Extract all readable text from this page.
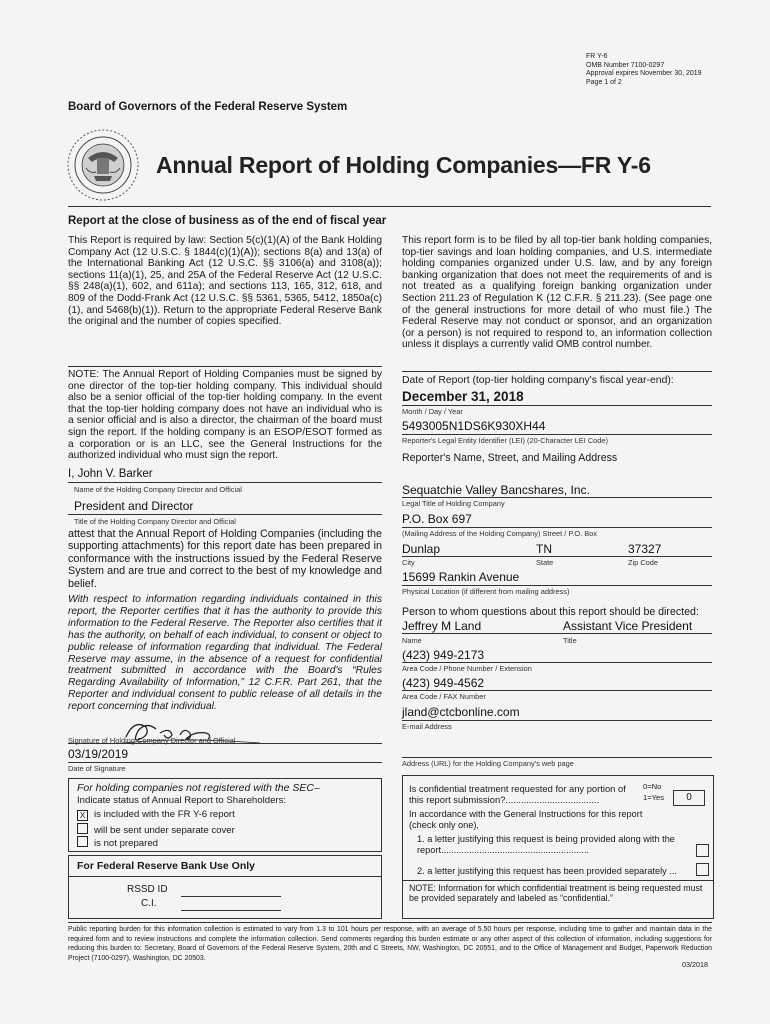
FR Y-6
OMB Number 7100-0297
Approval expires November 30, 2019
Page 1 of 2
Board of Governors of the Federal Reserve System
Annual Report of Holding Companies—FR Y-6
Report at the close of business as of the end of fiscal year
This Report is required by law: Section 5(c)(1)(A) of the Bank Holding Company Act (12 U.S.C. § 1844(c)(1)(A)); sections 8(a) and 13(a) of the International Banking Act (12 U.S.C. §§ 3106(a) and 3108(a)); sections 11(a)(1), 25, and 25A of the Federal Reserve Act (12 U.S.C. §§ 248(a)(1), 602, and 611a); and sections 113, 165, 312, 618, and 809 of the Dodd-Frank Act (12 U.S.C. §§ 5361, 5365, 5412, 1850a(c)(1), and 5468(b)(1)). Return to the appropriate Federal Reserve Bank the original and the number of copies specified.
This report form is to be filed by all top-tier bank holding companies, top-tier savings and loan holding companies, and U.S. intermediate holding companies organized under U.S. law, and by any foreign banking organization that does not meet the requirements of and is not treated as a qualifying foreign banking organization under Section 211.23 of Regulation K (12 C.F.R. § 211.23). (See page one of the general instructions for more detail of who must file.) The Federal Reserve may not conduct or sponsor, and an organization (or a person) is not required to respond to, an information collection unless it displays a currently valid OMB control number.
NOTE: The Annual Report of Holding Companies must be signed by one director of the top-tier holding company. This individual should also be a senior official of the top-tier holding company. In the event that the top-tier holding company does not have an individual who is a senior official and is also a director, the chairman of the board must sign the report. If the holding company is an ESOP/ESOT formed as a corporation or is an LLC, see the General Instructions for the authorized individual who must sign the report.
I, John V. Barker
Name of the Holding Company Director and Official
President and Director
Title of the Holding Company Director and Official
attest that the Annual Report of Holding Companies (including the supporting attachments) for this report date has been prepared in conformance with the instructions issued by the Federal Reserve System and are true and correct to the best of my knowledge and belief.
With respect to information regarding individuals contained in this report, the Reporter certifies that it has the authority to provide this information to the Federal Reserve. The Reporter also certifies that it has the authority, on behalf of each individual, to consent or object to public release of information regarding that individual. The Federal Reserve may assume, in the absence of a request for confidential treatment submitted in accordance with the Board's “Rules Regarding Availability of Information,” 12 C.F.R. Part 261, that the Reporter and individual consent to public release of all details in the report concerning that individual.
Signature of Holding Company Director and Official
03/19/2019
Date of Signature
For holding companies not registered with the SEC–
Indicate status of Annual Report to Shareholders:
X is included with the FR Y-6 report
will be sent under separate cover
is not prepared
For Federal Reserve Bank Use Only
RSSD ID
C.I.
Date of Report (top-tier holding company's fiscal year-end):
December 31, 2018
Month / Day / Year
5493005N1DS6K930XH44
Reporter's Legal Entity Identifier (LEI) (20-Character LEI Code)
Reporter's Name, Street, and Mailing Address
Sequatchie Valley Bancshares, Inc.
Legal Title of Holding Company
P.O. Box 697
(Mailing Address of the Holding Company) Street / P.O. Box
Dunlap	TN	37327
City	State	Zip Code
15699 Rankin Avenue
Physical Location (if different from mailing address)
Person to whom questions about this report should be directed:
Jeffrey M Land	Assistant Vice President
Name	Title
(423) 949-2173
Area Code / Phone Number / Extension
(423) 949-4562
Area Code / FAX Number
jland@ctcbonline.com
E-mail Address
Address (URL) for the Holding Company's web page
Is confidential treatment requested for any portion of this report submission?....................................
0=No
1=Yes	0
In accordance with the General Instructions for this report (check only one),
1. a letter justifying this request is being provided along with the report..........................................................
2. a letter justifying this request has been provided separately ...
NOTE: Information for which confidential treatment is being requested must be provided separately and labeled as “confidential.”
Public reporting burden for this information collection is estimated to vary from 1.3 to 101 hours per response, with an average of 5.50 hours per response, including time to gather and maintain data in the required form and to review instructions and complete the information collection. Send comments regarding this burden estimate or any other aspect of this collection of information, including suggestions for reducing this burden to: Secretary, Board of Governors of the Federal Reserve System, 20th and C Streets, NW, Washington, DC 20551, and to the Office of Management and Budget, Paperwork Reduction Project (7100-0297), Washington, DC 20503.
03/2018
